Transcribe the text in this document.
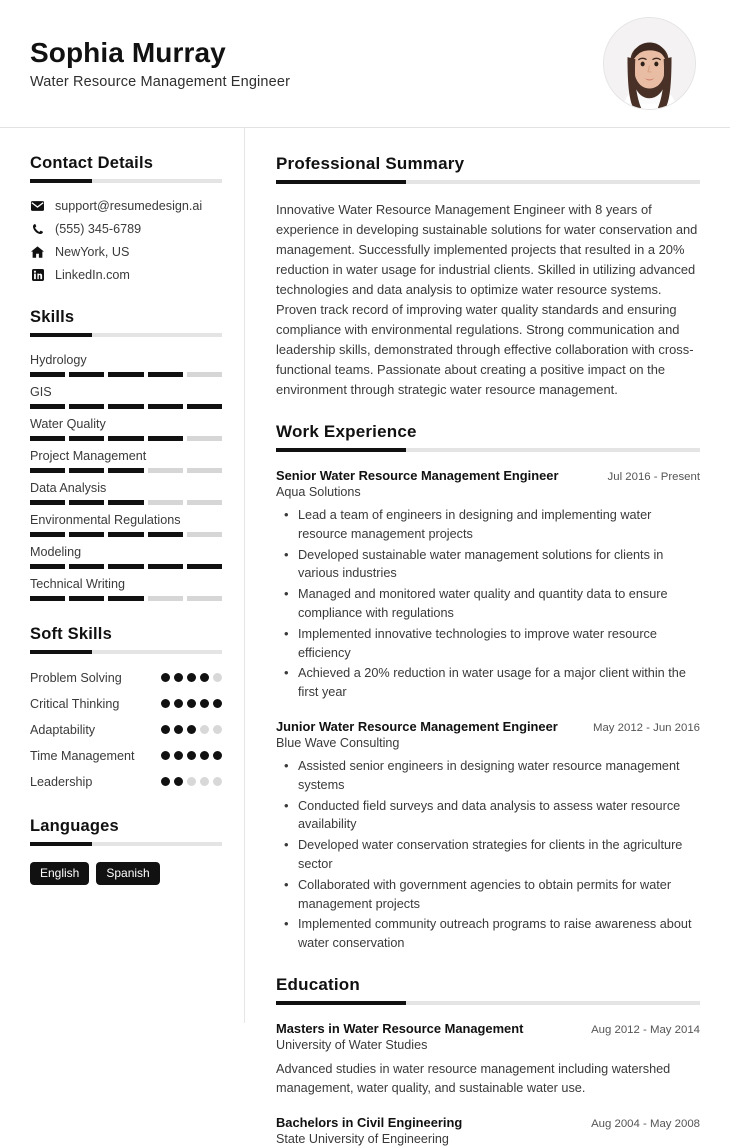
Sophia Murray
Water Resource Management Engineer
Contact Details
support@resumedesign.ai
(555) 345-6789
NewYork, US
LinkedIn.com
Skills
Hydrology
GIS
Water Quality
Project Management
Data Analysis
Environmental Regulations
Modeling
Technical Writing
Soft Skills
Problem Solving
Critical Thinking
Adaptability
Time Management
Leadership
Languages
English	Spanish
Professional Summary
Innovative Water Resource Management Engineer with 8 years of experience in developing sustainable solutions for water conservation and management. Successfully implemented projects that resulted in a 20% reduction in water usage for industrial clients. Skilled in utilizing advanced technologies and data analysis to optimize water resource systems. Proven track record of improving water quality standards and ensuring compliance with environmental regulations. Strong communication and leadership skills, demonstrated through effective collaboration with cross-functional teams. Passionate about creating a positive impact on the environment through strategic water resource management.
Work Experience
Senior Water Resource Management Engineer	Jul 2016 - Present
Aqua Solutions
• Lead a team of engineers in designing and implementing water resource management projects
• Developed sustainable water management solutions for clients in various industries
• Managed and monitored water quality and quantity data to ensure compliance with regulations
• Implemented innovative technologies to improve water resource efficiency
• Achieved a 20% reduction in water usage for a major client within the first year
Junior Water Resource Management Engineer	May 2012 - Jun 2016
Blue Wave Consulting
• Assisted senior engineers in designing water resource management systems
• Conducted field surveys and data analysis to assess water resource availability
• Developed water conservation strategies for clients in the agriculture sector
• Collaborated with government agencies to obtain permits for water management projects
• Implemented community outreach programs to raise awareness about water conservation
Education
Masters in Water Resource Management	Aug 2012 - May 2014
University of Water Studies
Advanced studies in water resource management including watershed management, water quality, and sustainable water use.
Bachelors in Civil Engineering	Aug 2004 - May 2008
State University of Engineering
